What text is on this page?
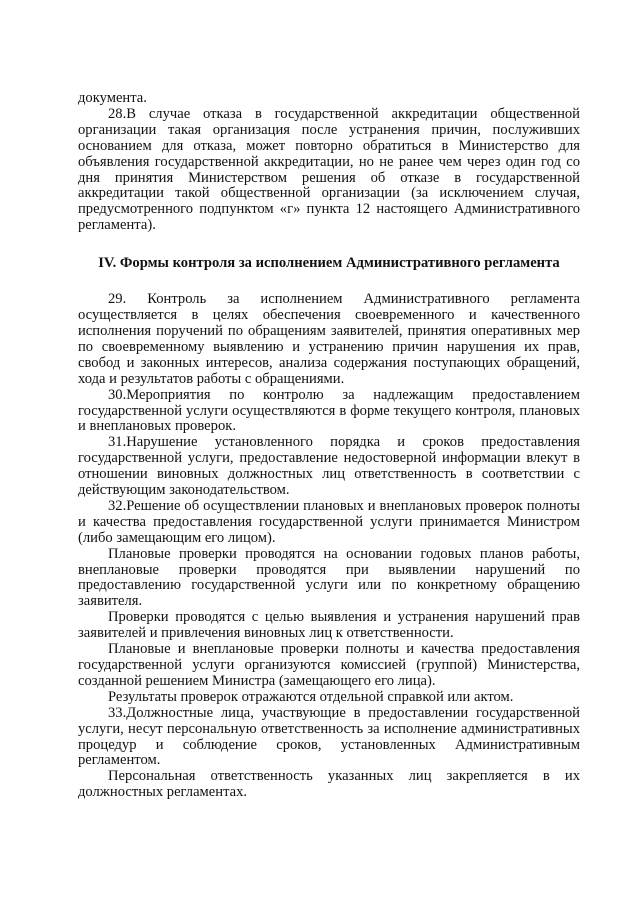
документа.

28.В случае отказа в государственной аккредитации общественной организации такая организация после устранения причин, послуживших основанием для отказа, может повторно обратиться в Министерство для объявления государственной аккредитации, но не ранее чем через один год со дня принятия Министерством решения об отказе в государственной аккредитации такой общественной организации (за исключением случая, предусмотренного подпунктом «г» пункта 12 настоящего Административного регламента).

IV. Формы контроля за исполнением Административного регламента

29. Контроль за исполнением Административного регламента осуществляется в целях обеспечения своевременного и качественного исполнения поручений по обращениям заявителей, принятия оперативных мер по своевременному выявлению и устранению причин нарушения их прав, свобод и законных интересов, анализа содержания поступающих обращений, хода и результатов работы с обращениями.

30.Мероприятия по контролю за надлежащим предоставлением государственной услуги осуществляются в форме текущего контроля, плановых и внеплановых проверок.

31.Нарушение установленного порядка и сроков предоставления государственной услуги, предоставление недостоверной информации влекут в отношении виновных должностных лиц ответственность в соответствии с действующим законодательством.

32.Решение об осуществлении плановых и внеплановых проверок полноты и качества предоставления государственной услуги принимается Министром (либо замещающим его лицом).

Плановые проверки проводятся на основании годовых планов работы, внеплановые проверки проводятся при выявлении нарушений по предоставлению государственной услуги или по конкретному обращению заявителя.

Проверки проводятся с целью выявления и устранения нарушений прав заявителей и привлечения виновных лиц к ответственности.

Плановые и внеплановые проверки полноты и качества предоставления государственной услуги организуются комиссией (группой) Министерства, созданной решением Министра (замещающего его лица).

Результаты проверок отражаются отдельной справкой или актом.

33.Должностные лица, участвующие в предоставлении государственной услуги, несут персональную ответственность за исполнение административных процедур и соблюдение сроков, установленных Административным регламентом.

Персональная ответственность указанных лиц закрепляется в их должностных регламентах.
